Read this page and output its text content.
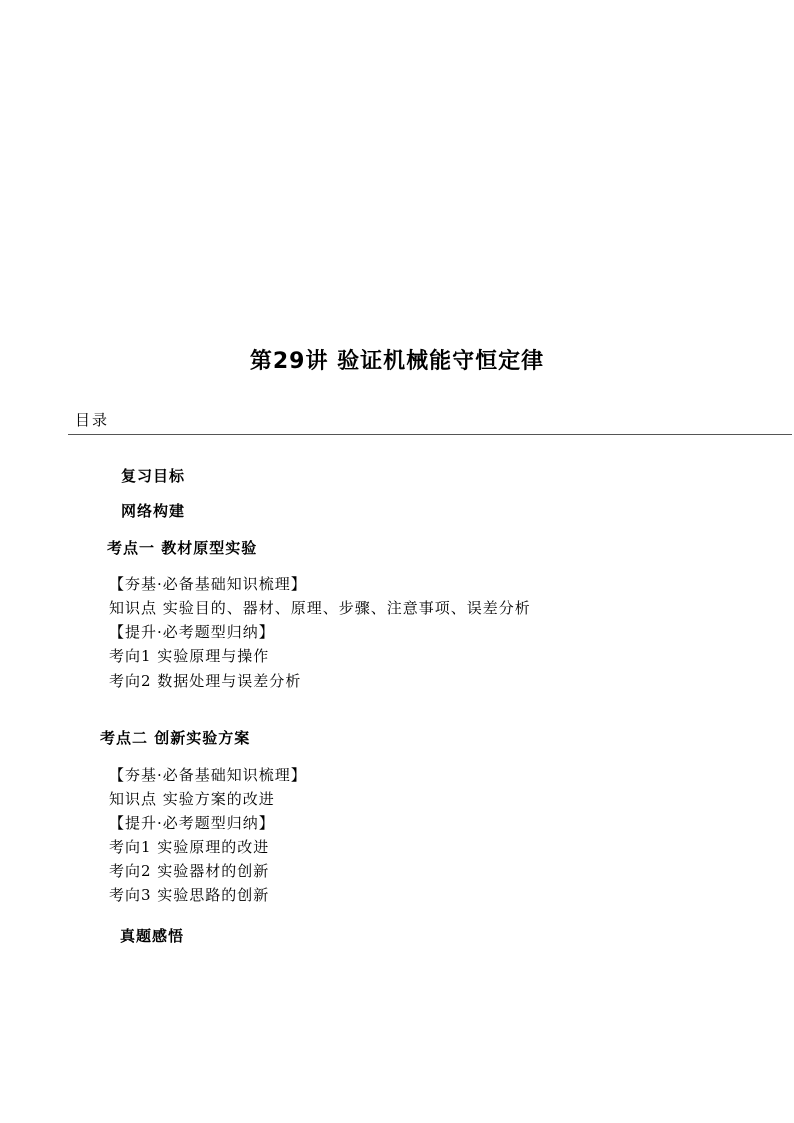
第29讲 验证机械能守恒定律
目录
复习目标
网络构建
考点一 教材原型实验
【夯基·必备基础知识梳理】
知识点 实验目的、器材、原理、步骤、注意事项、误差分析
【提升·必考题型归纳】
考向1 实验原理与操作
考向2 数据处理与误差分析
考点二 创新实验方案
【夯基·必备基础知识梳理】
知识点 实验方案的改进
【提升·必考题型归纳】
考向1 实验原理的改进
考向2 实验器材的创新
考向3 实验思路的创新
真题感悟
